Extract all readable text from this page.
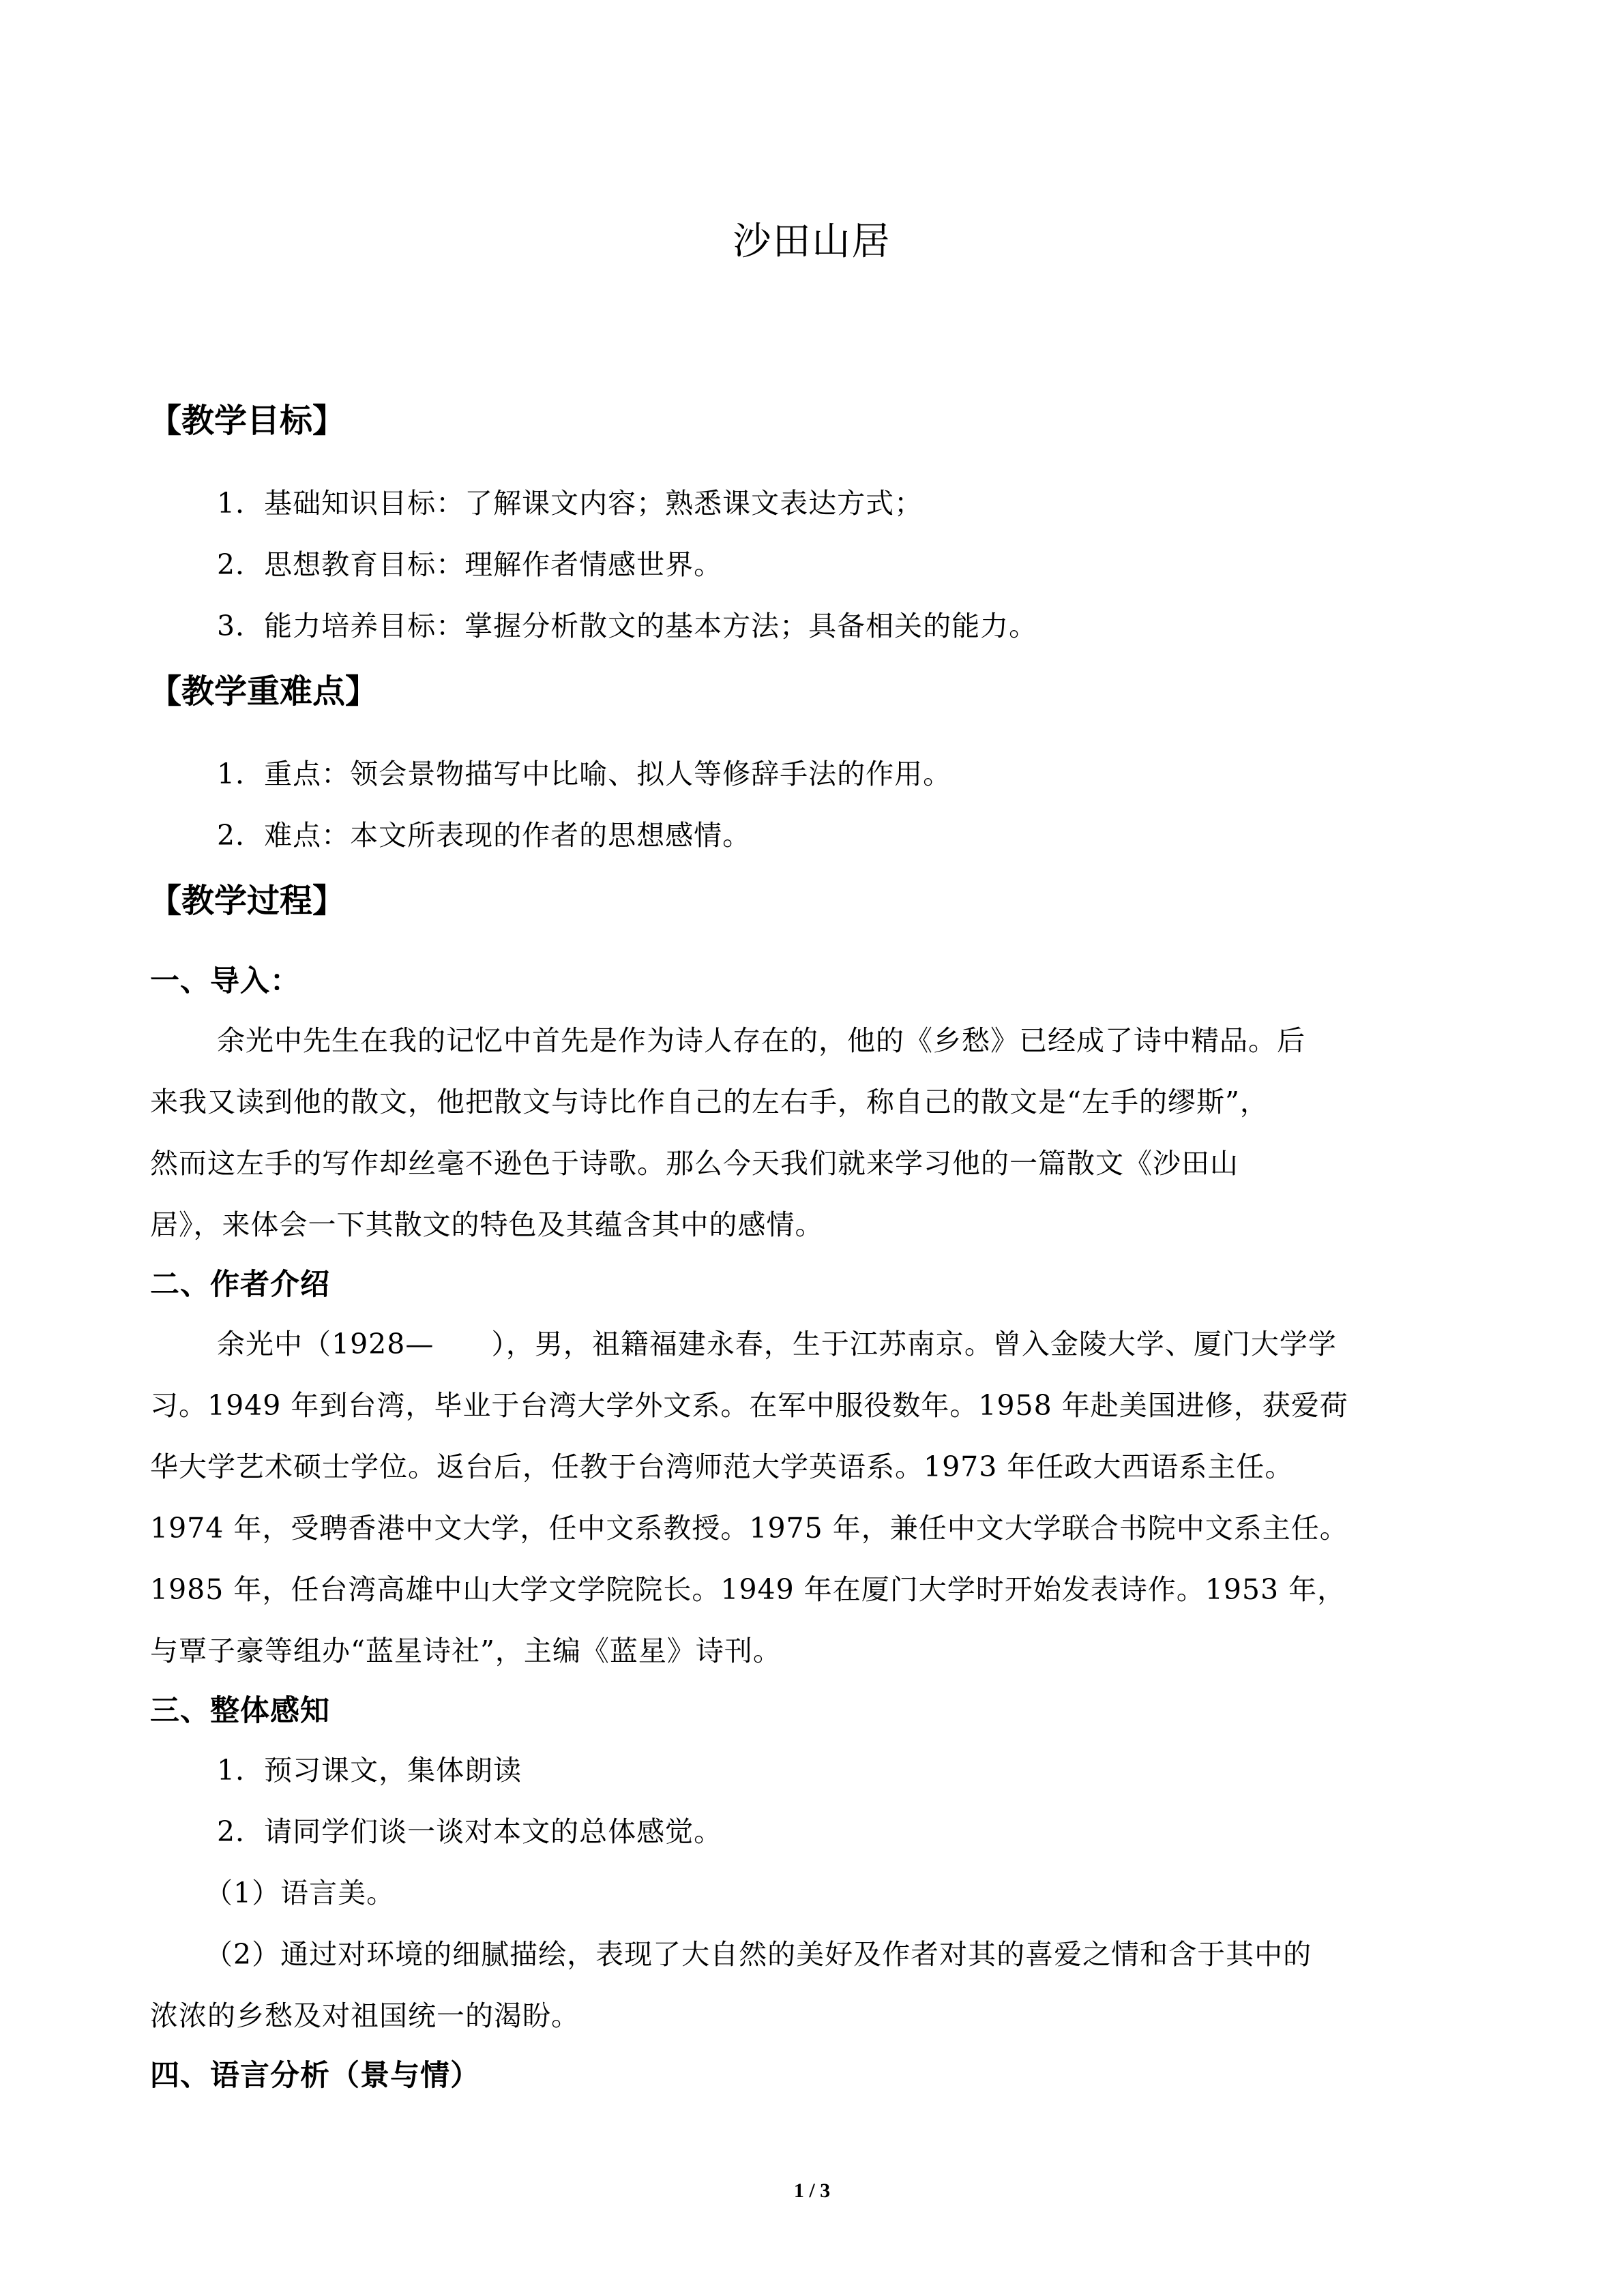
沙田山居
【教学目标】
1．基础知识目标：了解课文内容；熟悉课文表达方式；
2．思想教育目标：理解作者情感世界。
3．能力培养目标：掌握分析散文的基本方法；具备相关的能力。
【教学重难点】
1．重点：领会景物描写中比喻、拟人等修辞手法的作用。
2．难点：本文所表现的作者的思想感情。
【教学过程】
一、导入：
余光中先生在我的记忆中首先是作为诗人存在的，他的《乡愁》已经成了诗中精品。后
来我又读到他的散文，他把散文与诗比作自己的左右手，称自己的散文是“左手的缪斯”，
然而这左手的写作却丝毫不逊色于诗歌。那么今天我们就来学习他的一篇散文《沙田山
居》，来体会一下其散文的特色及其蕴含其中的感情。
二、作者介绍
余光中（1928—　　），男，祖籍福建永春，生于江苏南京。曾入金陵大学、厦门大学学
习。1949 年到台湾，毕业于台湾大学外文系。在军中服役数年。1958 年赴美国进修，获爱荷
华大学艺术硕士学位。返台后，任教于台湾师范大学英语系。1973 年任政大西语系主任。
1974 年，受聘香港中文大学，任中文系教授。1975 年，兼任中文大学联合书院中文系主任。
1985 年，任台湾高雄中山大学文学院院长。1949 年在厦门大学时开始发表诗作。1953 年，
与覃子豪等组办“蓝星诗社”，主编《蓝星》诗刊。
三、整体感知
1．预习课文，集体朗读
2．请同学们谈一谈对本文的总体感觉。
（1）语言美。
（2）通过对环境的细腻描绘，表现了大自然的美好及作者对其的喜爱之情和含于其中的
浓浓的乡愁及对祖国统一的渴盼。
四、语言分析（景与情）
1 / 3
